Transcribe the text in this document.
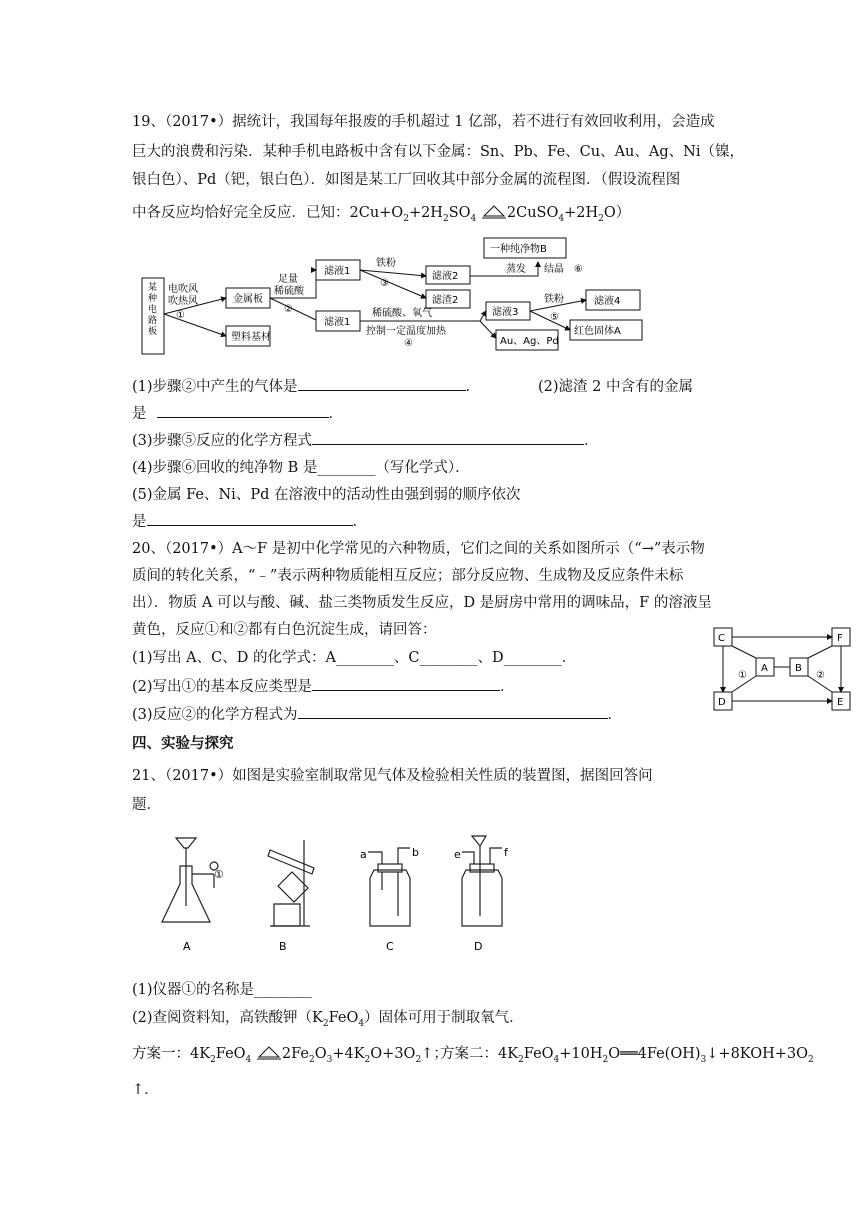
19、（2017•）据统计，我国每年报废的手机超过 1 亿部，若不进行有效回收利用，会造成
巨大的浪费和污染．某种手机电路板中含有以下金属：Sn、Pb、Fe、Cu、Au、Ag、Ni（镍，
银白色）、Pd（钯，银白色）．如图是某工厂回收其中部分金属的流程图．（假设流程图
中各反应均恰好完全反应．已知：$2Cu+O_2+2H_2SO_4$ $2CuSO_4+2H_2O$）
某种电路板
电吹风
吹热风
①
金属板
塑料基材
足量
稀硫酸
②
滤液1
滤液1
铁粉
③
滤液2
滤渣2
一种纯净物B
蒸发 结晶 ⑥
稀硫酸、氧气
控制一定温度加热
④
滤液3
铁粉
⑤
滤液4
红色固体A
Au、Ag、Pd
(1)步骤②中产生的气体是	．	(2)滤渣 2 中含有的金属
是	．
(3)步骤⑤反应的化学方程式	．
(4)步骤⑥回收的纯净物 B 是________（写化学式）．
(5)金属 Fe、Ni、Pd 在溶液中的活动性由强到弱的顺序依次
是	．
20、（2017•）A～F 是初中化学常见的六种物质，它们之间的关系如图所示（“→”表示物
质间的转化关系，“﹣”表示两种物质能相互反应；部分反应物、生成物及反应条件未标
出）．物质 A 可以与酸、碱、盐三类物质发生反应，D 是厨房中常用的调味品，F 的溶液呈
黄色，反应①和②都有白色沉淀生成，请回答：
(1)写出 A、C、D 的化学式：A________、C________、D________．
(2)写出①的基本反应类型是	．
(3)反应②的化学方程式为	．
C	F
A	B
D	E
①	②
四、实验与探究
21、（2017•）如图是实验室制取常见气体及检验相关性质的装置图，据图回答问
题．
A	B	C	D
①
a	b	e	f
(1)仪器①的名称是________
(2)查阅资料知，高铁酸钾$(K_2FeO_4)$固体可用于制取氧气．
方案一：$4K_2FeO_4$ $2Fe_2O_3+4K_2O+3O_2↑$；
方案二：$4K_2FeO_4+10H_2O══4Fe(OH)_3↓+8KOH+3O_2$
↑．
